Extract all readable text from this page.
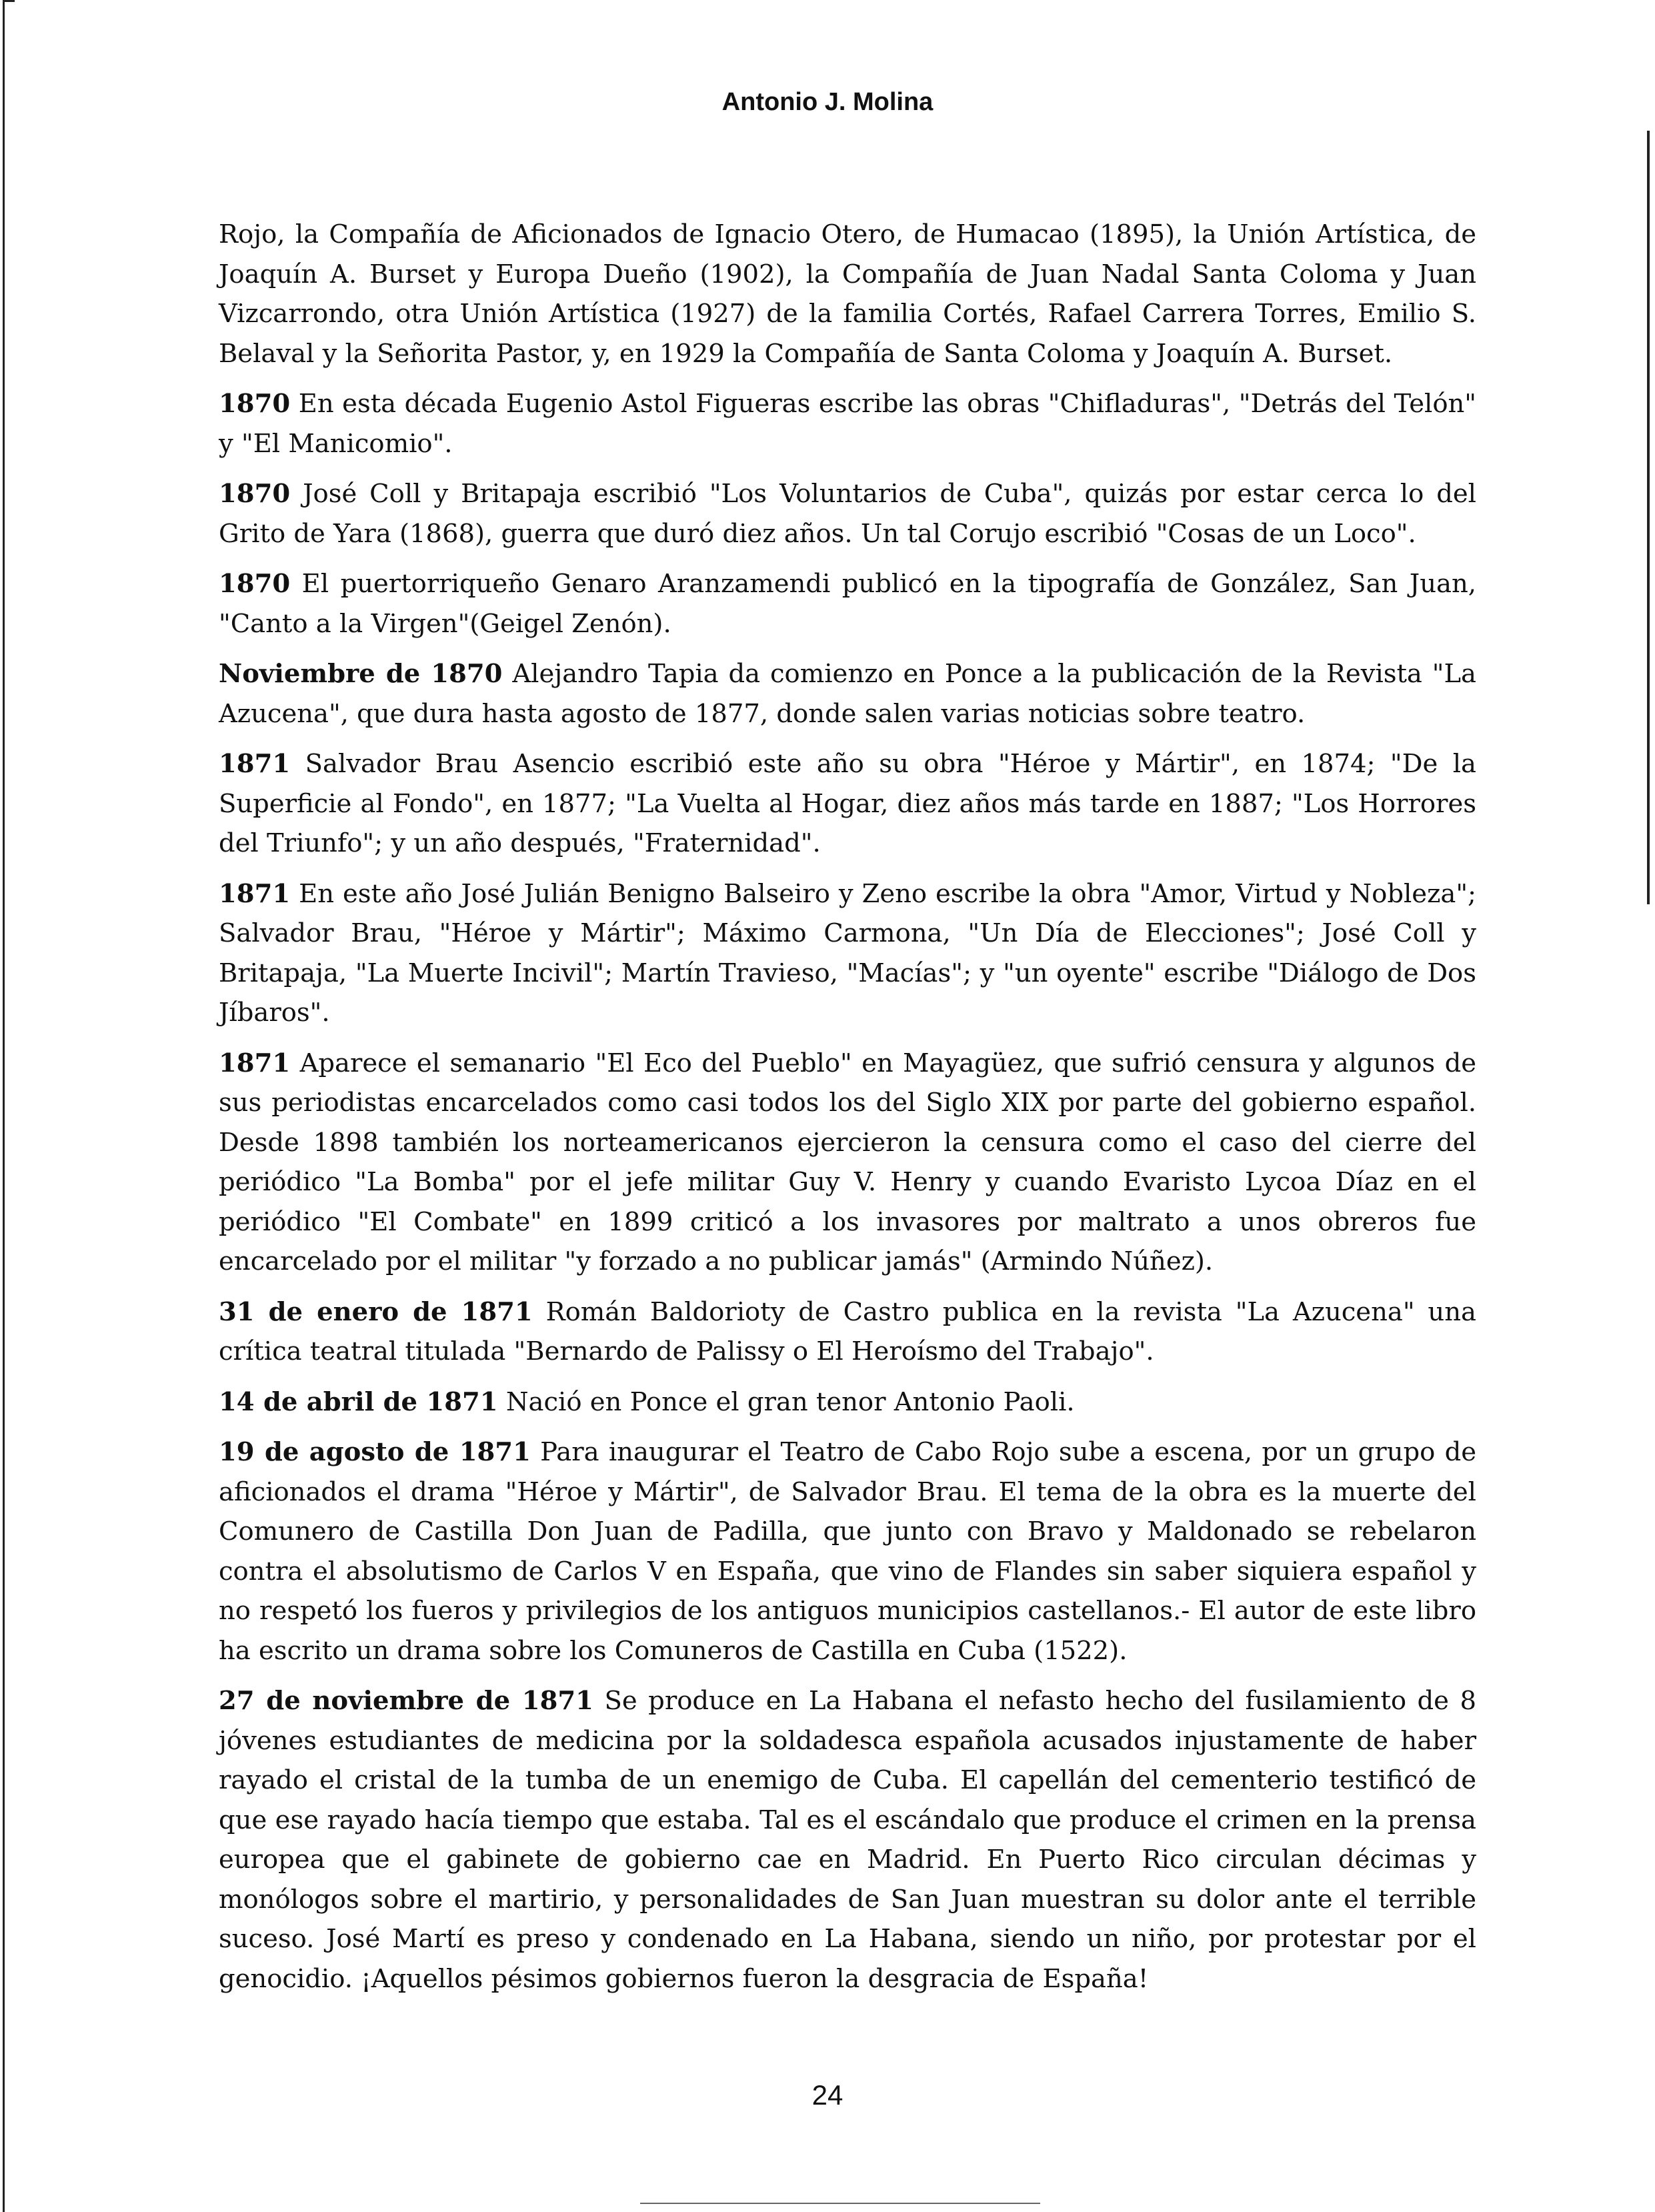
Antonio J. Molina

Rojo, la Compañía de Aficionados de Ignacio Otero, de Humacao (1895), la Unión Artística, de Joaquín A. Burset y Europa Dueño (1902), la Compañía de Juan Nadal Santa Coloma y Juan Vizcarrondo, otra Unión Artística (1927) de la familia Cortés, Rafael Carrera Torres, Emilio S. Belaval y la Señorita Pastor, y, en 1929 la Compañía de Santa Coloma y Joaquín A. Burset.

1870 En esta década Eugenio Astol Figueras escribe las obras "Chifladuras", "Detrás del Telón" y "El Manicomio".

1870 José Coll y Britapaja escribió "Los Voluntarios de Cuba", quizás por estar cerca lo del Grito de Yara (1868), guerra que duró diez años. Un tal Corujo escribió "Cosas de un Loco".

1870 El puertorriqueño Genaro Aranzamendi publicó en la tipografía de González, San Juan, "Canto a la Virgen"(Geigel Zenón).

Noviembre de 1870 Alejandro Tapia da comienzo en Ponce a la publicación de la Revista "La Azucena", que dura hasta agosto de 1877, donde salen varias noticias sobre teatro.

1871 Salvador Brau Asencio escribió este año su obra "Héroe y Mártir", en 1874; "De la Superficie al Fondo", en 1877; "La Vuelta al Hogar, diez años más tarde en 1887; "Los Horrores del Triunfo"; y un año después, "Fraternidad".

1871 En este año José Julián Benigno Balseiro y Zeno escribe la obra "Amor, Virtud y Nobleza"; Salvador Brau, "Héroe y Mártir"; Máximo Carmona, "Un Día de Elecciones"; José Coll y Britapaja, "La Muerte Incivil"; Martín Travieso, "Macías"; y "un oyente" escribe "Diálogo de Dos Jíbaros".

1871 Aparece el semanario "El Eco del Pueblo" en Mayagüez, que sufrió censura y algunos de sus periodistas encarcelados como casi todos los del Siglo XIX por parte del gobierno español. Desde 1898 también los norteamericanos ejercieron la censura como el caso del cierre del periódico "La Bomba" por el jefe militar Guy V. Henry y cuando Evaristo Lycoa Díaz en el periódico "El Combate" en 1899 criticó a los invasores por maltrato a unos obreros fue encarcelado por el militar "y forzado a no publicar jamás" (Armindo Núñez).

31 de enero de 1871 Román Baldorioty de Castro publica en la revista "La Azucena" una crítica teatral titulada "Bernardo de Palissy o El Heroísmo del Trabajo".

14 de abril de 1871 Nació en Ponce el gran tenor Antonio Paoli.

19 de agosto de 1871 Para inaugurar el Teatro de Cabo Rojo sube a escena, por un grupo de aficionados el drama "Héroe y Mártir", de Salvador Brau. El tema de la obra es la muerte del Comunero de Castilla Don Juan de Padilla, que junto con Bravo y Maldonado se rebelaron contra el absolutismo de Carlos V en España, que vino de Flandes sin saber siquiera español y no respetó los fueros y privilegios de los antiguos municipios castellanos.- El autor de este libro ha escrito un drama sobre los Comuneros de Castilla en Cuba (1522).

27 de noviembre de 1871 Se produce en La Habana el nefasto hecho del fusilamiento de 8 jóvenes estudiantes de medicina por la soldadesca española acusados injustamente de haber rayado el cristal de la tumba de un enemigo de Cuba. El capellán del cementerio testificó de que ese rayado hacía tiempo que estaba. Tal es el escándalo que produce el crimen en la prensa europea que el gabinete de gobierno cae en Madrid. En Puerto Rico circulan décimas y monólogos sobre el martirio, y personalidades de San Juan muestran su dolor ante el terrible suceso. José Martí es preso y condenado en La Habana, siendo un niño, por protestar por el genocidio. ¡Aquellos pésimos gobiernos fueron la desgracia de España!

24
